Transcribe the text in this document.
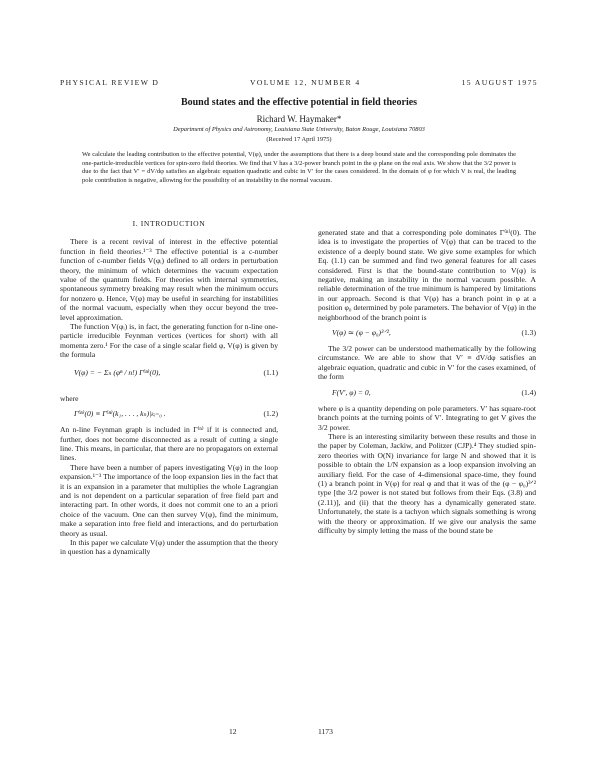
PHYSICAL REVIEW D	VOLUME 12, NUMBER 4	15 AUGUST 1975
Bound states and the effective potential in field theories
Richard W. Haymaker*
Department of Physics and Astronomy, Louisiana State University, Baton Rouge, Louisiana 70803
(Received 17 April 1975)
We calculate the leading contribution to the effective potential, V(φ), under the assumptions that there is a deep bound state and the corresponding pole dominates the one-particle-irreducible vertices for spin-zero field theories. We find that V has a 3/2-power branch point in the φ plane on the real axis. We show that the 3/2 power is due to the fact that V′ = dV/dφ satisfies an algebraic equation quadratic and cubic in V′ for the cases considered. In the domain of φ for which V is real, the leading pole contribution is negative, allowing for the possibility of an instability in the normal vacuum.
I. INTRODUCTION

There is a recent revival of interest in the effective potential function in field theories.¹⁻³ The effective potential is a c-number function of c-number fields V(φᵢ) defined to all orders in perturbation theory, the minimum of which determines the vacuum expectation value of the quantum fields. For theories with internal symmetries, spontaneous symmetry breaking may result when the minimum occurs for nonzero φ. Hence, V(φ) may be useful in searching for instabilities of the normal vacuum, especially when they occur beyond the tree-level approximation.

The function V(φᵢ) is, in fact, the generating function for n-line one-particle irreducible Feynman vertices (vertices for short) with all momenta zero.¹ For the case of a single scalar field φ, V(φ) is given by the formula

V(φ) = − Σₙ (φⁿ / n!) Γ⁽ⁿ⁾(0),	(1.1)

where

Γ⁽ⁿ⁾(0) ≡ Γ⁽ⁿ⁾(k₁, . . . , kₙ)|ₖᵢ₌₀ .	(1.2)

An n-line Feynman graph is included in Γ⁽ⁿ⁾ if it is connected and, further, does not become disconnected as a result of cutting a single line. This means, in particular, that there are no propagators on external lines.

There have been a number of papers investigating V(φ) in the loop expansion.¹⁻³ The importance of the loop expansion lies in the fact that it is an expansion in a parameter that multiplies the whole Lagrangian and is not dependent on a particular separation of free field part and interacting part. In other words, it does not commit one to an a priori choice of the vacuum. One can then survey V(φ), find the minimum, make a separation into free field and interactions, and do perturbation theory as usual.

In this paper we calculate V(φ) under the assumption that the theory in question has a dynamically

generated state and that a corresponding pole dominates Γ⁽ⁿ⁾(0). The idea is to investigate the properties of V(φ) that can be traced to the existence of a deeply bound state. We give some examples for which Eq. (1.1) can be summed and find two general features for all cases considered. First is that the bound-state contribution to V(φ) is negative, making an instability in the normal vacuum possible. A reliable determination of the true minimum is hampered by limitations in our approach. Second is that V(φ) has a branch point in φ at a position φ₀ determined by pole parameters. The behavior of V(φ) in the neighborhood of the branch point is

V(φ) ≃ (φ − φ₀)³ᐟ²,	(1.3)

The 3/2 power can be understood mathematically by the following circumstance. We are able to show that V′ ≡ dV/dφ satisfies an algebraic equation, quadratic and cubic in V′ for the cases examined, of the form

F(V′, φ) = 0,	(1.4)

where φ is a quantity depending on pole parameters. V′ has square-root branch points at the turning points of V′. Integrating to get V gives the 3/2 power.

There is an interesting similarity between these results and those in the paper by Coleman, Jackiw, and Politzer (CJP).⁴ They studied spin-zero theories with O(N) invariance for large N and showed that it is possible to obtain the 1/N expansion as a loop expansion involving an auxiliary field. For the case of 4-dimensional space-time, they found (1) a branch point in V(φ) for real φ and that it was of the (φ − φ₀)³ᐟ² type [the 3/2 power is not stated but follows from their Eqs. (3.8) and (2.11)], and (ii) that the theory has a dynamically generated state. Unfortunately, the state is a tachyon which signals something is wrong with the theory or approximation. If we give our analysis the same difficulty by simply letting the mass of the bound state be

12	1173
